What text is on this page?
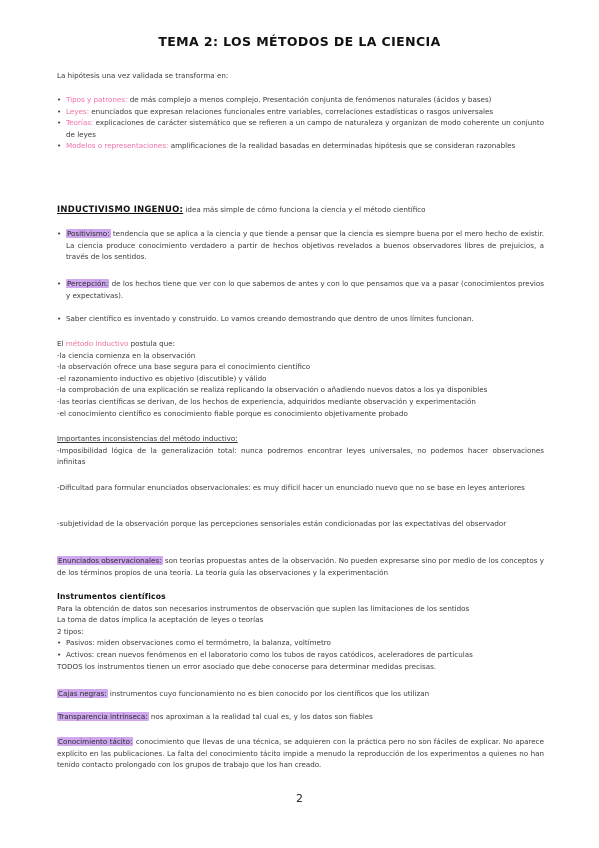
TEMA 2: LOS MÉTODOS DE LA CIENCIA
La hipótesis una vez validada se transforma en:
• Tipos y patrones: de más complejo a menos complejo. Presentación conjunta de fenómenos naturales (ácidos y bases)
• Leyes: enunciados que expresan relaciones funcionales entre variables, correlaciones estadísticas o rasgos universales
• Teorías: explicaciones de carácter sistemático que se refieren a un campo de naturaleza y organizan de modo coherente un conjunto de leyes
• Modelos o representaciones: amplificaciones de la realidad basadas en determinadas hipótesis que se consideran razonables
INDUCTIVISMO INGENUO: idea más simple de cómo funciona la ciencia y el método científico
• Positivismo: tendencia que se aplica a la ciencia y que tiende a pensar que la ciencia es siempre buena por el mero hecho de existir. La ciencia produce conocimiento verdadero a partir de hechos objetivos revelados a buenos observadores libres de prejuicios, a través de los sentidos.
• Percepción: de los hechos tiene que ver con lo que sabemos de antes y con lo que pensamos que va a pasar (conocimientos previos y expectativas).
• Saber científico es inventado y construido. Lo vamos creando demostrando que dentro de unos límites funcionan.
El método inductivo postula que:
-la ciencia comienza en la observación
-la observación ofrece una base segura para el conocimiento científico
-el razonamiento inductivo es objetivo (discutible) y válido
-la comprobación de una explicación se realiza replicando la observación o añadiendo nuevos datos a los ya disponibles
-las teorías científicas se derivan, de los hechos de experiencia, adquiridos mediante observación y experimentación
-el conocimiento científico es conocimiento fiable porque es conocimiento objetivamente probado
Importantes inconsistencias del método inductivo:
-Imposibilidad lógica de la generalización total: nunca podremos encontrar leyes universales, no podemos hacer observaciones infinitas
-Dificultad para formular enunciados observacionales: es muy difícil hacer un enunciado nuevo que no se base en leyes anteriores
-subjetividad de la observación porque las percepciones sensoriales están condicionadas por las expectativas del observador
Enunciados observacionales: son teorías propuestas antes de la observación. No pueden expresarse sino por medio de los conceptos y de los términos propios de una teoría. La teoría guía las observaciones y la experimentación
Instrumentos científicos
Para la obtención de datos son necesarios instrumentos de observación que suplen las limitaciones de los sentidos
La toma de datos implica la aceptación de leyes o teorías
2 tipos:
• Pasivos: miden observaciones como el termómetro, la balanza, voltímetro
• Activos: crean nuevos fenómenos en el laboratorio como los tubos de rayos catódicos, aceleradores de partículas
TODOS los instrumentos tienen un error asociado que debe conocerse para determinar medidas precisas.
Cajas negras: instrumentos cuyo funcionamiento no es bien conocido por los científicos que los utilizan
Transparencia intrínseca: nos aproximan a la realidad tal cual es, y los datos son fiables
Conocimiento tácito: conocimiento que llevas de una técnica, se adquieren con la práctica pero no son fáciles de explicar. No aparece explícito en las publicaciones. La falta del conocimiento tácito impide a menudo la reproducción de los experimentos a quienes no han tenido contacto prolongado con los grupos de trabajo que los han creado.
2
